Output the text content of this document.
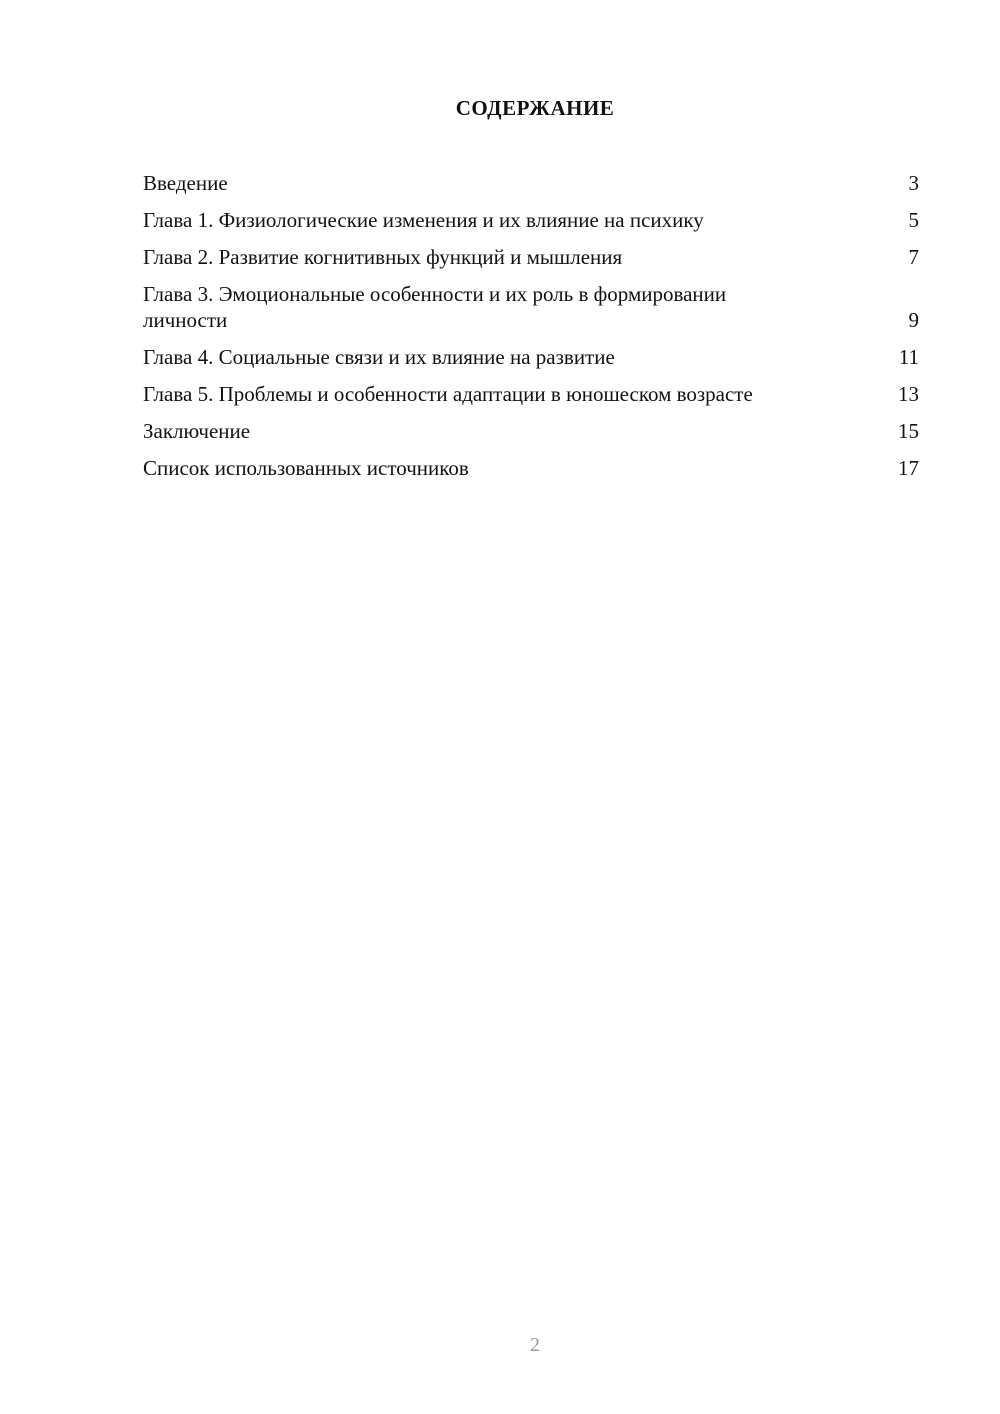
СОДЕРЖАНИЕ
Введение	3
Глава 1. Физиологические изменения и их влияние на психику	5
Глава 2. Развитие когнитивных функций и мышления	7
Глава 3. Эмоциональные особенности и их роль в формировании личности	9
Глава 4. Социальные связи и их влияние на развитие	11
Глава 5. Проблемы и особенности адаптации в юношеском возрасте	13
Заключение	15
Список использованных источников	17
2
